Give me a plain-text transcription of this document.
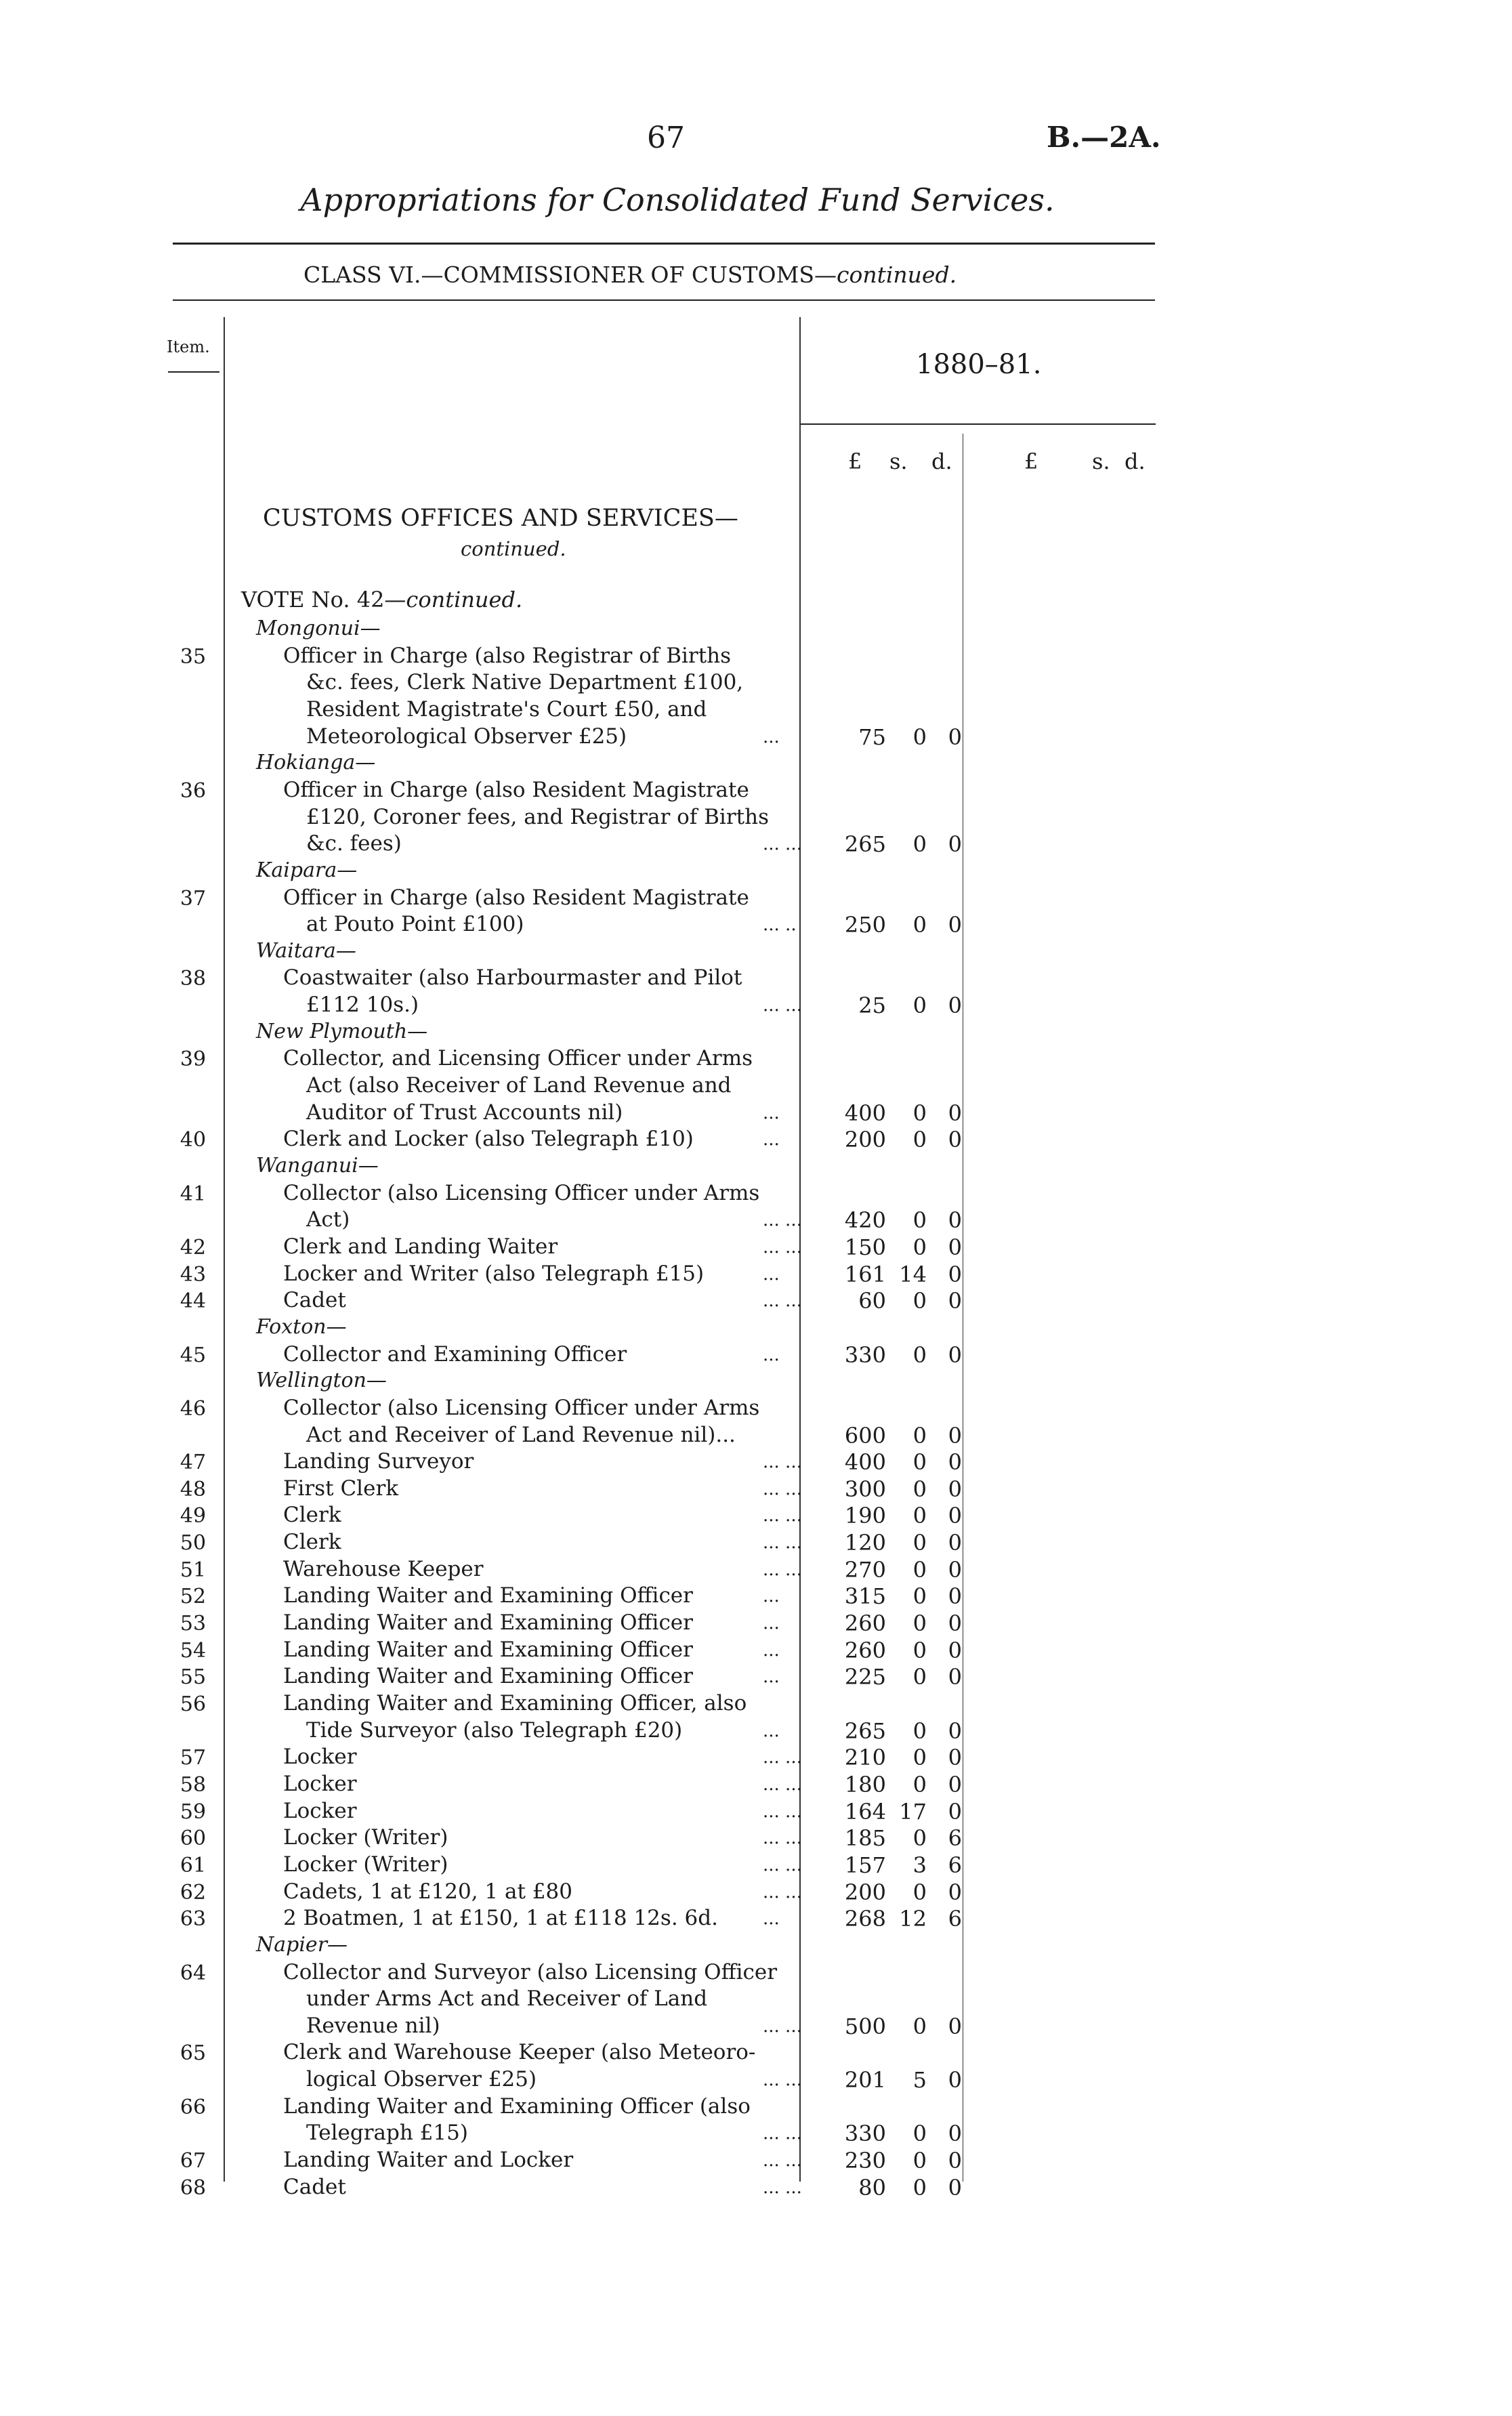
67	B.—2A.
Appropriations for Consolidated Fund Services.
CLASS VI.—COMMISSIONER OF CUSTOMS—continued.
Item.
1880–81.
£ s. d.	£ s. d.
CUSTOMS OFFICES AND SERVICES—
continued.
VOTE No. 42—continued.
Mongonui—
35	Officer in Charge (also Registrar of Births
&c. fees, Clerk Native Department £100,
Resident Magistrate's Court £50, and
Meteorological Observer £25)	...	75	0 0
Hokianga—
36	Officer in Charge (also Resident Magistrate
£120, Coroner fees, and Registrar of Births
&c. fees)	... ...	265	0 0
Kaipara—
37	Officer in Charge (also Resident Magistrate
at Pouto Point £100)	... ..	250	0 0
Waitara—
38	Coastwaiter (also Harbourmaster and Pilot
£112 10s.)	... ...	25	0 0
New Plymouth—
39	Collector, and Licensing Officer under Arms
Act (also Receiver of Land Revenue and
Auditor of Trust Accounts nil)	...	400	0 0
40	Clerk and Locker (also Telegraph £10)	...	200	0 0
Wanganui—
41	Collector (also Licensing Officer under Arms
Act)	... ...	420	0 0
42	Clerk and Landing Waiter	... ...	150	0 0
43	Locker and Writer (also Telegraph £15)	...	161 14 0
44	Cadet	... ...	60	0 0
Foxton—
45	Collector and Examining Officer	...	330	0 0
Wellington—
46	Collector (also Licensing Officer under Arms
Act and Receiver of Land Revenue nil)...	600	0 0
47	Landing Surveyor	... ...	400	0 0
48	First Clerk	... ...	300	0 0
49	Clerk	... ...	190	0 0
50	Clerk	... ...	120	0 0
51	Warehouse Keeper	... ...	270	0 0
52	Landing Waiter and Examining Officer	...	315	0 0
53	Landing Waiter and Examining Officer	...	260	0 0
54	Landing Waiter and Examining Officer	...	260	0 0
55	Landing Waiter and Examining Officer	...	225	0 0
56	Landing Waiter and Examining Officer, also
Tide Surveyor (also Telegraph £20)	...	265	0 0
57	Locker	... ...	210	0 0
58	Locker	... ...	180	0 0
59	Locker	... ...	164 17 0
60	Locker (Writer)	... ...	185	0 6
61	Locker (Writer)	... ...	157	3 6
62	Cadets, 1 at £120, 1 at £80	... ...	200	0 0
63	2 Boatmen, 1 at £150, 1 at £118 12s. 6d.	...	268 12 6
Napier—
64	Collector and Surveyor (also Licensing Officer
under Arms Act and Receiver of Land
Revenue nil)	... ...	500	0 0
65	Clerk and Warehouse Keeper (also Meteoro-
logical Observer £25)	... ...	201	5 0
66	Landing Waiter and Examining Officer (also
Telegraph £15)	... ...	330	0 0
67	Landing Waiter and Locker	... ...	230	0 0
68	Cadet	... ...	80	0 0
